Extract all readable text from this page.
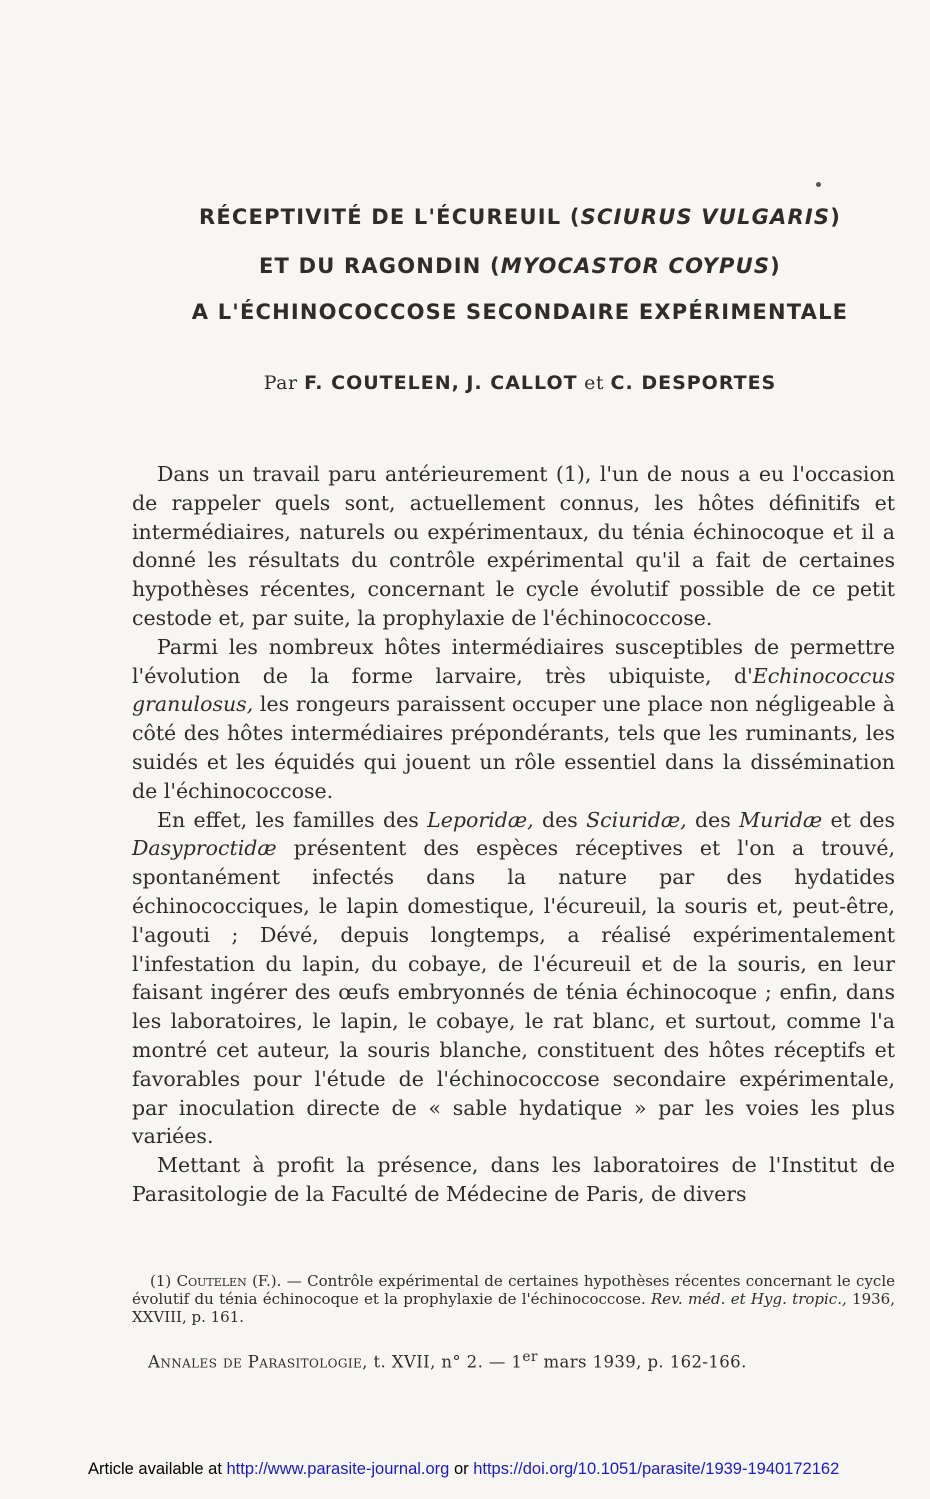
RÉCEPTIVITÉ DE L'ÉCUREUIL (SCIURUS VULGARIS)
ET DU RAGONDIN (MYOCASTOR COYPUS)
A L'ÉCHINOCOCCOSE SECONDAIRE EXPÉRIMENTALE
Par F. COUTELEN, J. CALLOT et C. DESPORTES

Dans un travail paru antérieurement (1), l'un de nous a eu l'occasion de rappeler quels sont, actuellement connus, les hôtes définitifs et intermédiaires, naturels ou expérimentaux, du ténia échinocoque et il a donné les résultats du contrôle expérimental qu'il a fait de certaines hypothèses récentes, concernant le cycle évolutif possible de ce petit cestode et, par suite, la prophylaxie de l'échinococcose.

Parmi les nombreux hôtes intermédiaires susceptibles de permettre l'évolution de la forme larvaire, très ubiquiste, d'Echinococcus granulosus, les rongeurs paraissent occuper une place non négligeable à côté des hôtes intermédiaires prépondérants, tels que les ruminants, les suidés et les équidés qui jouent un rôle essentiel dans la dissémination de l'échinococcose.

En effet, les familles des Leporidæ, des Sciuridæ, des Muridæ et des Dasyproctidæ présentent des espèces réceptives et l'on a trouvé, spontanément infectés dans la nature par des hydatides échinococciques, le lapin domestique, l'écureuil, la souris et, peut-être, l'agouti ; Dévé, depuis longtemps, a réalisé expérimentalement l'infestation du lapin, du cobaye, de l'écureuil et de la souris, en leur faisant ingérer des œufs embryonnés de ténia échinocoque ; enfin, dans les laboratoires, le lapin, le cobaye, le rat blanc, et surtout, comme l'a montré cet auteur, la souris blanche, constituent des hôtes réceptifs et favorables pour l'étude de l'échinococcose secondaire expérimentale, par inoculation directe de « sable hydatique » par les voies les plus variées.

Mettant à profit la présence, dans les laboratoires de l'Institut de Parasitologie de la Faculté de Médecine de Paris, de divers

(1) Coutelen (F.). — Contrôle expérimental de certaines hypothèses récentes concernant le cycle évolutif du ténia échinocoque et la prophylaxie de l'échinococcose. Rev. méd. et Hyg. tropic., 1936, XXVIII, p. 161.
Annales de Parasitologie, t. XVII, n° 2. — 1er mars 1939, p. 162-166.
Article available at http://www.parasite-journal.org or https://doi.org/10.1051/parasite/1939-1940172162
